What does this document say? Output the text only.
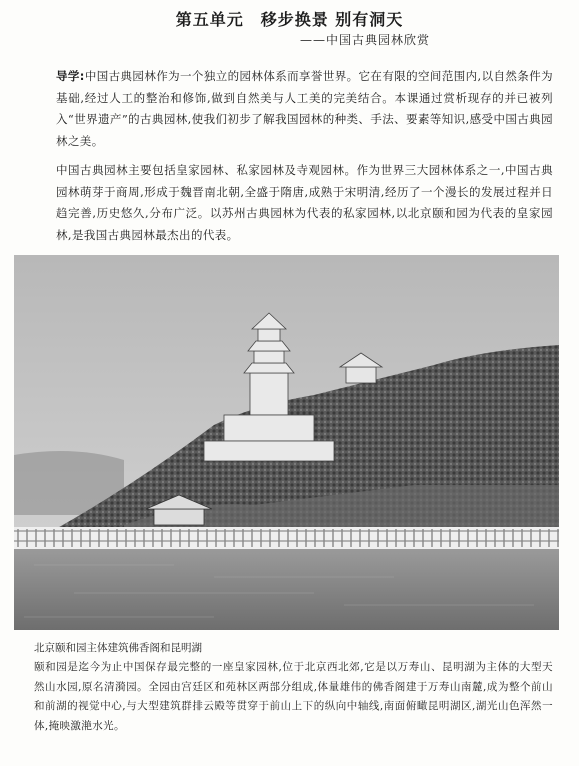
第五单元　移步换景 别有洞天
——中国古典园林欣赏
导学:中国古典园林作为一个独立的园林体系而享誉世界。它在有限的空间范围内,以自然条件为基础,经过人工的整治和修饰,做到自然美与人工美的完美结合。本课通过赏析现存的并已被列入“世界遗产”的古典园林,使我们初步了解我国园林的种类、手法、要素等知识,感受中国古典园林之美。
中国古典园林主要包括皇家园林、私家园林及寺观园林。作为世界三大园林体系之一,中国古典园林萌芽于商周,形成于魏晋南北朝,全盛于隋唐,成熟于宋明清,经历了一个漫长的发展过程并日趋完善,历史悠久,分布广泛。以苏州古典园林为代表的私家园林,以北京颐和园为代表的皇家园林,是我国古典园林最杰出的代表。
北京颐和园主体建筑佛香阁和昆明湖
颐和园是迄今为止中国保存最完整的一座皇家园林,位于北京西北郊,它是以万寿山、昆明湖为主体的大型天然山水园,原名清漪园。全园由宫廷区和苑林区两部分组成,体量雄伟的佛香阁建于万寿山南麓,成为整个前山和前湖的视觉中心,与大型建筑群排云殿等贯穿于前山上下的纵向中轴线,南面俯瞰昆明湖区,湖光山色浑然一体,掩映激滟水光。
